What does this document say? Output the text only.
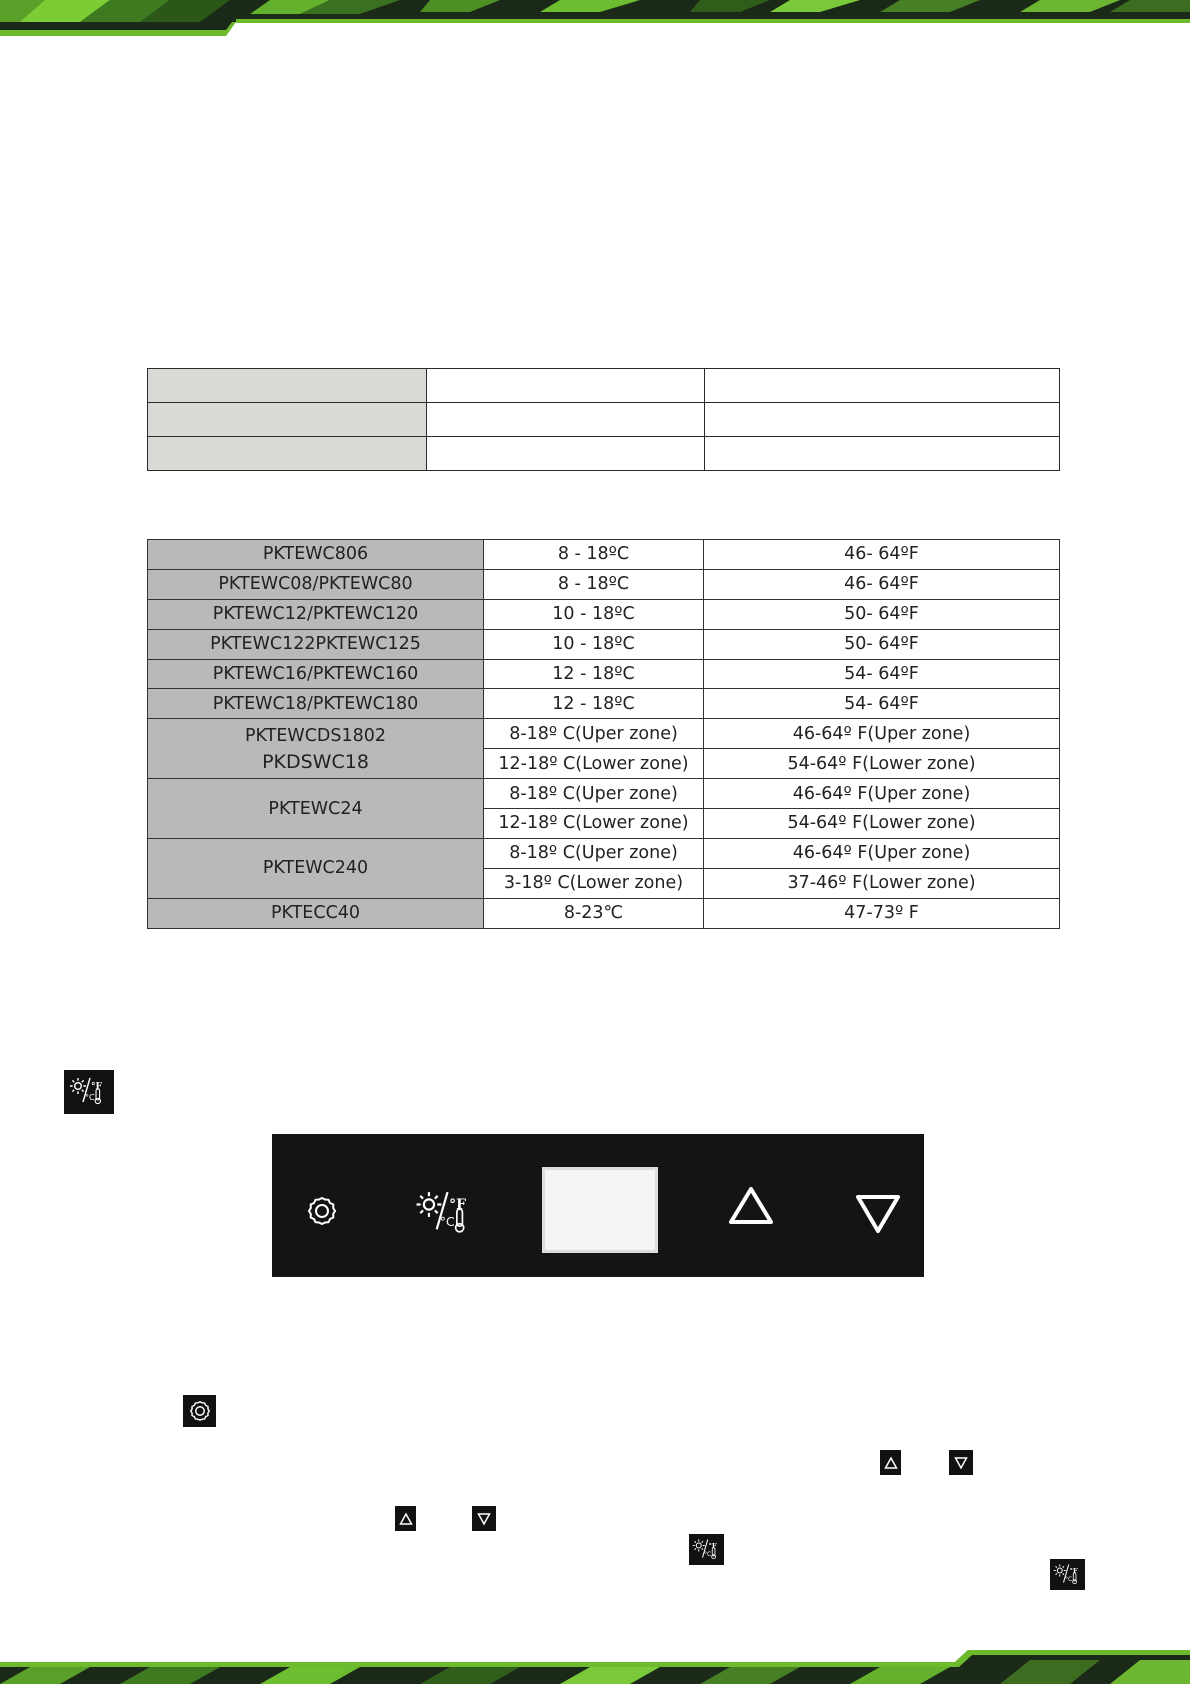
PKTEWC806	8 - 18ºC	46- 64ºF
PKTEWC08/PKTEWC80	8 - 18ºC	46- 64ºF
PKTEWC12/PKTEWC120	10 - 18ºC	50- 64ºF
PKTEWC122PKTEWC125	10 - 18ºC	50- 64ºF
PKTEWC16/PKTEWC160	12 - 18ºC	54- 64ºF
PKTEWC18/PKTEWC180	12 - 18ºC	54- 64ºF

PKTEWCDS1802
PKDSWC18	8-18º C(Uper zone)	46-64º F(Uper zone)
	12-18º C(Lower zone)	54-64º F(Lower zone)
PKTEWC24	8-18º C(Uper zone)	46-64º F(Uper zone)
	12-18º C(Lower zone)	54-64º F(Lower zone)
PKTEWC240	8-18º C(Uper zone)	46-64º F(Uper zone)
	3-18º C(Lower zone)	37-46º F(Lower zone)
PKTECC40	8-23℃	47-73º F
